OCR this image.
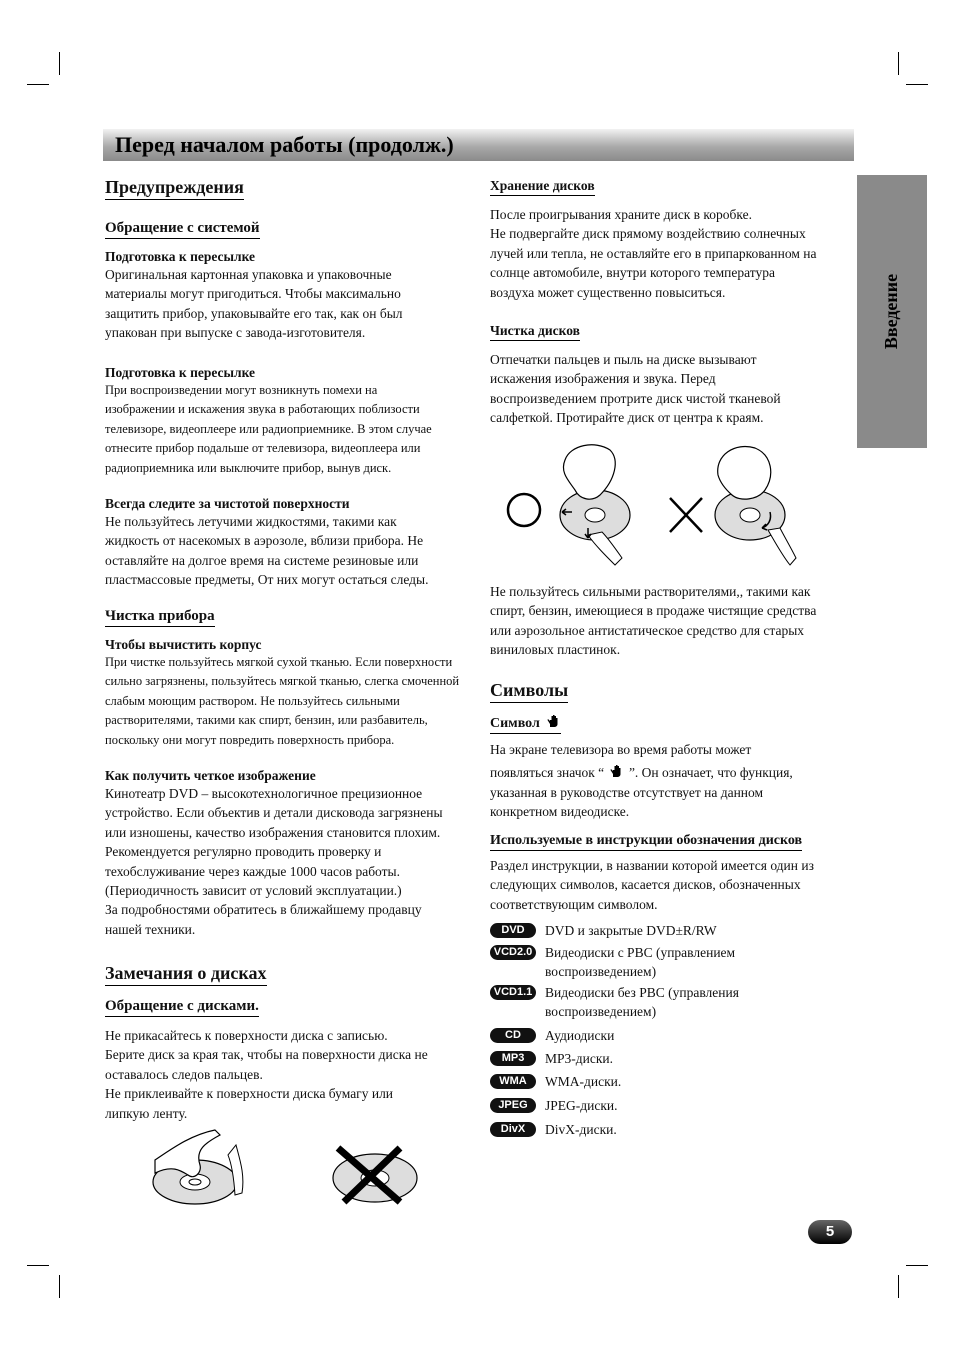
Перед началом работы (продолж.)
Введение
Предупреждения
Обращение с системой
Подготовка к пересылке

Оригинальная картонная упаковка и упаковочные

материалы могут пригодиться. Чтобы максимально

защитить прибор, упаковывайте его так, как он был

упакован при выпуске с завода-изготовителя.

Подготовка к пересылке

При воспроизведении могут возникнуть помехи на

изображении и искажения звука в работающих поблизости

телевизоре, видеоплеере или радиоприемнике. В этом случае

отнесите прибор подальше от телевизора, видеоплеера или

радиоприемника или выключите прибор, вынув диск.

Всегда следите за чистотой поверхности

Не пользуйтесь летучими жидкостями, такими как

жидкость от насекомых в аэрозоле, вблизи прибора. Не

оставляйте на долгое время на системе резиновые или

пластмассовые предметы, От них могут остаться следы.

Чистка прибора
Чтобы вычистить корпус

При чистке пользуйтесь мягкой сухой тканью. Если поверхности

сильно загрязнены, пользуйтесь мягкой тканью, слегка смоченной

слабым моющим раствором. Не пользуйтесь сильными

растворителями, такими как спирт, бензин, или разбавитель,

поскольку они могут повредить поверхность прибора.

Как получить четкое изображение

Кинотеатр DVD – высокотехнологичное прецизионное

устройство. Если объектив и детали дисковода загрязнены

или изношены, качество изображения становится плохим.

Рекомендуется регулярно проводить проверку и

техобслуживание через каждые 1000 часов работы.

(Периодичность зависит от условий эксплуатации.)

За подробностями обратитесь в ближайшему продавцу

нашей техники.

Замечания о дисках
Обращение с дисками.

Не прикасайтесь к поверхности диска с записью.

Берите диск за края так, чтобы на поверхности диска не

оставалось следов пальцев.

Не приклеивайте к поверхности диска бумагу или

липкую ленту.

Хранение дисков

После проигрывания храните диск в коробке.

Не подвергайте диск прямому воздействию солнечных

лучей или тепла, не оставляйте его в припаркованном на

солнце автомобиле, внутри которого температура

воздуха может существенно повыситься.

Чистка дисков

Отпечатки пальцев и пыль на диске вызывают

искажения изображения и звука. Перед

воспроизведением протрите диск чистой тканевой

салфеткой. Протирайте диск от центра к краям.

Не пользуйтесь сильными растворителями,, такими как

спирт, бензин, имеющиеся в продаже чистящие средства

или аэрозольное антистатическое средство для старых

виниловых пластинок.

Символы
Символ

На экране телевизора во время работы может

появляться значок “ ”. Он означает, что функция,

указанная в руководстве отсутствует на данном

конкретном видеодиске.

Используемые в инструкции обозначения дисков

Раздел инструкции, в названии которой имеется один из

следующих символов, касается дисков, обозначенных

соответствующим символом.

DVD	DVD и закрытые DVD±R/RW
VCD2.0 Видеодиски с PBC (управлением воспроизведением)
VCD1.1 Видеодиски без PBC (управления воспроизведением)
CD	Аудиодиски
MP3	MP3-диски.
WMA	WMA-диски.
JPEG	JPEG-диски.
DivX	DivX-диски.
5
